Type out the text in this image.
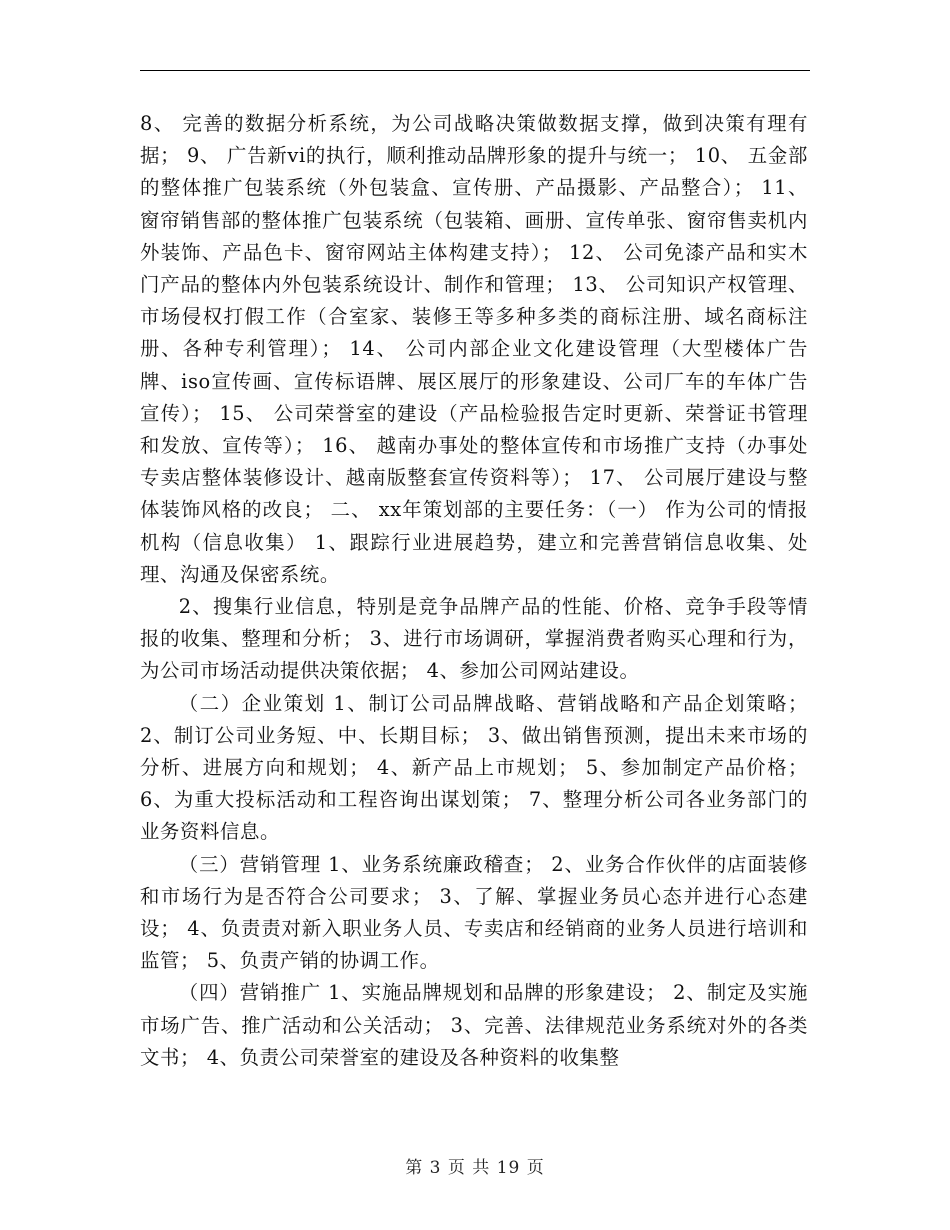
8、 完善的数据分析系统，为公司战略决策做数据支撑，做到决策有理有据； 9、 广告新vi的执行，顺利推动品牌形象的提升与统一； 10、 五金部的整体推广包装系统（外包装盒、宣传册、产品摄影、产品整合）； 11、 窗帘销售部的整体推广包装系统（包装箱、画册、宣传单张、窗帘售卖机内外装饰、产品色卡、窗帘网站主体构建支持）； 12、 公司免漆产品和实木门产品的整体内外包装系统设计、制作和管理； 13、 公司知识产权管理、市场侵权打假工作（合室家、装修王等多种多类的商标注册、域名商标注册、各种专利管理）； 14、 公司内部企业文化建设管理（大型楼体广告牌、iso宣传画、宣传标语牌、展区展厅的形象建设、公司厂车的车体广告宣传）； 15、 公司荣誉室的建设（产品检验报告定时更新、荣誉证书管理和发放、宣传等）； 16、 越南办事处的整体宣传和市场推广支持（办事处专卖店整体装修设计、越南版整套宣传资料等）； 17、 公司展厅建设与整体装饰风格的改良； 二、 xx年策划部的主要任务：（一） 作为公司的情报机构（信息收集） 1、跟踪行业进展趋势，建立和完善营销信息收集、处理、沟通及保密系统。

2、搜集行业信息，特别是竞争品牌产品的性能、价格、竞争手段等情报的收集、整理和分析； 3、进行市场调研，掌握消费者购买心理和行为，为公司市场活动提供决策依据； 4、参加公司网站建设。

（二）企业策划 1、制订公司品牌战略、营销战略和产品企划策略； 2、制订公司业务短、中、长期目标； 3、做出销售预测，提出未来市场的分析、进展方向和规划； 4、新产品上市规划； 5、参加制定产品价格； 6、为重大投标活动和工程咨询出谋划策； 7、整理分析公司各业务部门的业务资料信息。

（三）营销管理 1、业务系统廉政稽查； 2、业务合作伙伴的店面装修和市场行为是否符合公司要求； 3、了解、掌握业务员心态并进行心态建设； 4、负责责对新入职业务人员、专卖店和经销商的业务人员进行培训和监管； 5、负责产销的协调工作。

（四）营销推广 1、实施品牌规划和品牌的形象建设； 2、制定及实施市场广告、推广活动和公关活动； 3、完善、法律规范业务系统对外的各类文书； 4、负责公司荣誉室的建设及各种资料的收集整

第 3 页 共 19 页
